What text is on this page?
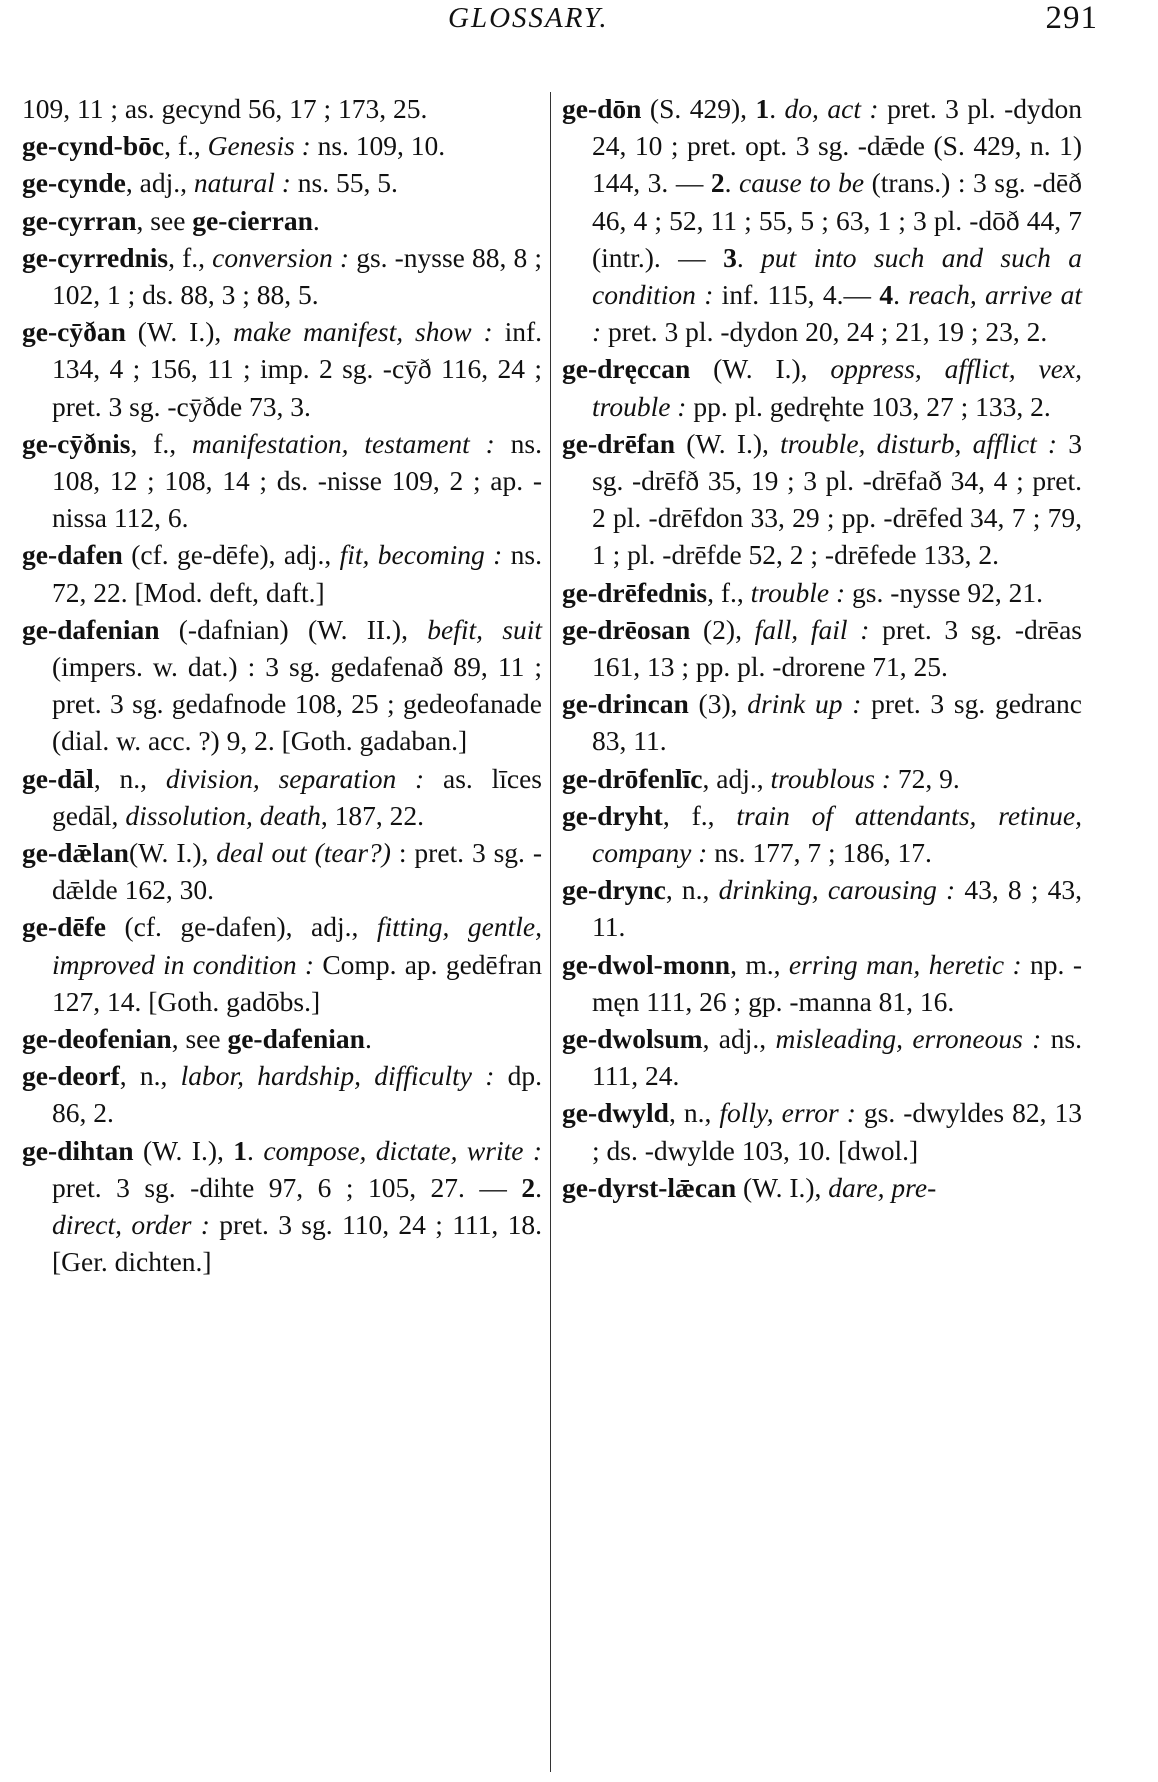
GLOSSARY.	291

109, 11 ; as. gecynd 56, 17 ; 173, 25.

ge-cynd-bōc, f., Genesis : ns. 109, 10.

ge-cynde, adj., natural : ns. 55, 5.

ge-cyrran, see ge-cierran.

ge-cyrrednis, f., conversion : gs. -nysse 88, 8 ; 102, 1 ; ds. 88, 3 ; 88, 5.

ge-cȳðan (W. I.), make manifest, show : inf. 134, 4 ; 156, 11 ; imp. 2 sg. -cȳð 116, 24 ; pret. 3 sg. -cȳðde 73, 3.

ge-cȳðnis, f., manifestation, testament : ns. 108, 12 ; 108, 14 ; ds. -nisse 109, 2 ; ap. -nissa 112, 6.

ge-dafen (cf. ge-dēfe), adj., fit, becoming : ns. 72, 22. [Mod. deft, daft.]

ge-dafenian (-dafnian) (W. II.), befit, suit (impers. w. dat.) : 3 sg. gedafenað 89, 11 ; pret. 3 sg. gedafnode 108, 25 ; gedeofanade (dial. w. acc. ?) 9, 2. [Goth. gadaban.]

ge-dāl, n., division, separation : as. līces gedāl, dissolution, death, 187, 22.

ge-dǣlan(W. I.), deal out (tear?) : pret. 3 sg. -dǣlde 162, 30.

ge-dēfe (cf. ge-dafen), adj., fitting, gentle, improved in condition : Comp. ap. gedēfran 127, 14. [Goth. gadōbs.]

ge-deofenian, see ge-dafenian.

ge-deorf, n., labor, hardship, difficulty : dp. 86, 2.

ge-dihtan (W. I.), 1. compose, dictate, write : pret. 3 sg. -dihte 97, 6 ; 105, 27. — 2. direct, order : pret. 3 sg. 110, 24 ; 111, 18. [Ger. dichten.]

ge-dōn (S. 429), 1. do, act : pret. 3 pl. -dydon 24, 10 ; pret. opt. 3 sg. -dǣde (S. 429, n. 1) 144, 3. — 2. cause to be (trans.) : 3 sg. -dēð 46, 4 ; 52, 11 ; 55, 5 ; 63, 1 ; 3 pl. -dōð 44, 7 (intr.). — 3. put into such and such a condition : inf. 115, 4.— 4. reach, arrive at : pret. 3 pl. -dydon 20, 24 ; 21, 19 ; 23, 2.

ge-dręccan (W. I.), oppress, afflict, vex, trouble : pp. pl. gedręhte 103, 27 ; 133, 2.

ge-drēfan (W. I.), trouble, disturb, afflict : 3 sg. -drēfð 35, 19 ; 3 pl. -drēfað 34, 4 ; pret. 2 pl. -drēfdon 33, 29 ; pp. -drēfed 34, 7 ; 79, 1 ; pl. -drēfde 52, 2 ; -drēfede 133, 2.

ge-drēfednis, f., trouble : gs. -nysse 92, 21.

ge-drēosan (2), fall, fail : pret. 3 sg. -drēas 161, 13 ; pp. pl. -drorene 71, 25.

ge-drincan (3), drink up : pret. 3 sg. gedranc 83, 11.

ge-drōfenlīc, adj., troublous : 72, 9.

ge-dryht, f., train of attendants, retinue, company : ns. 177, 7 ; 186, 17.

ge-drync, n., drinking, carousing : 43, 8 ; 43, 11.

ge-dwol-monn, m., erring man, heretic : np. -męn 111, 26 ; gp. -manna 81, 16.

ge-dwolsum, adj., misleading, erroneous : ns. 111, 24.

ge-dwyld, n., folly, error : gs. -dwyldes 82, 13 ; ds. -dwylde 103, 10. [dwol.]

ge-dyrst-lǣcan (W. I.), dare, pre-
